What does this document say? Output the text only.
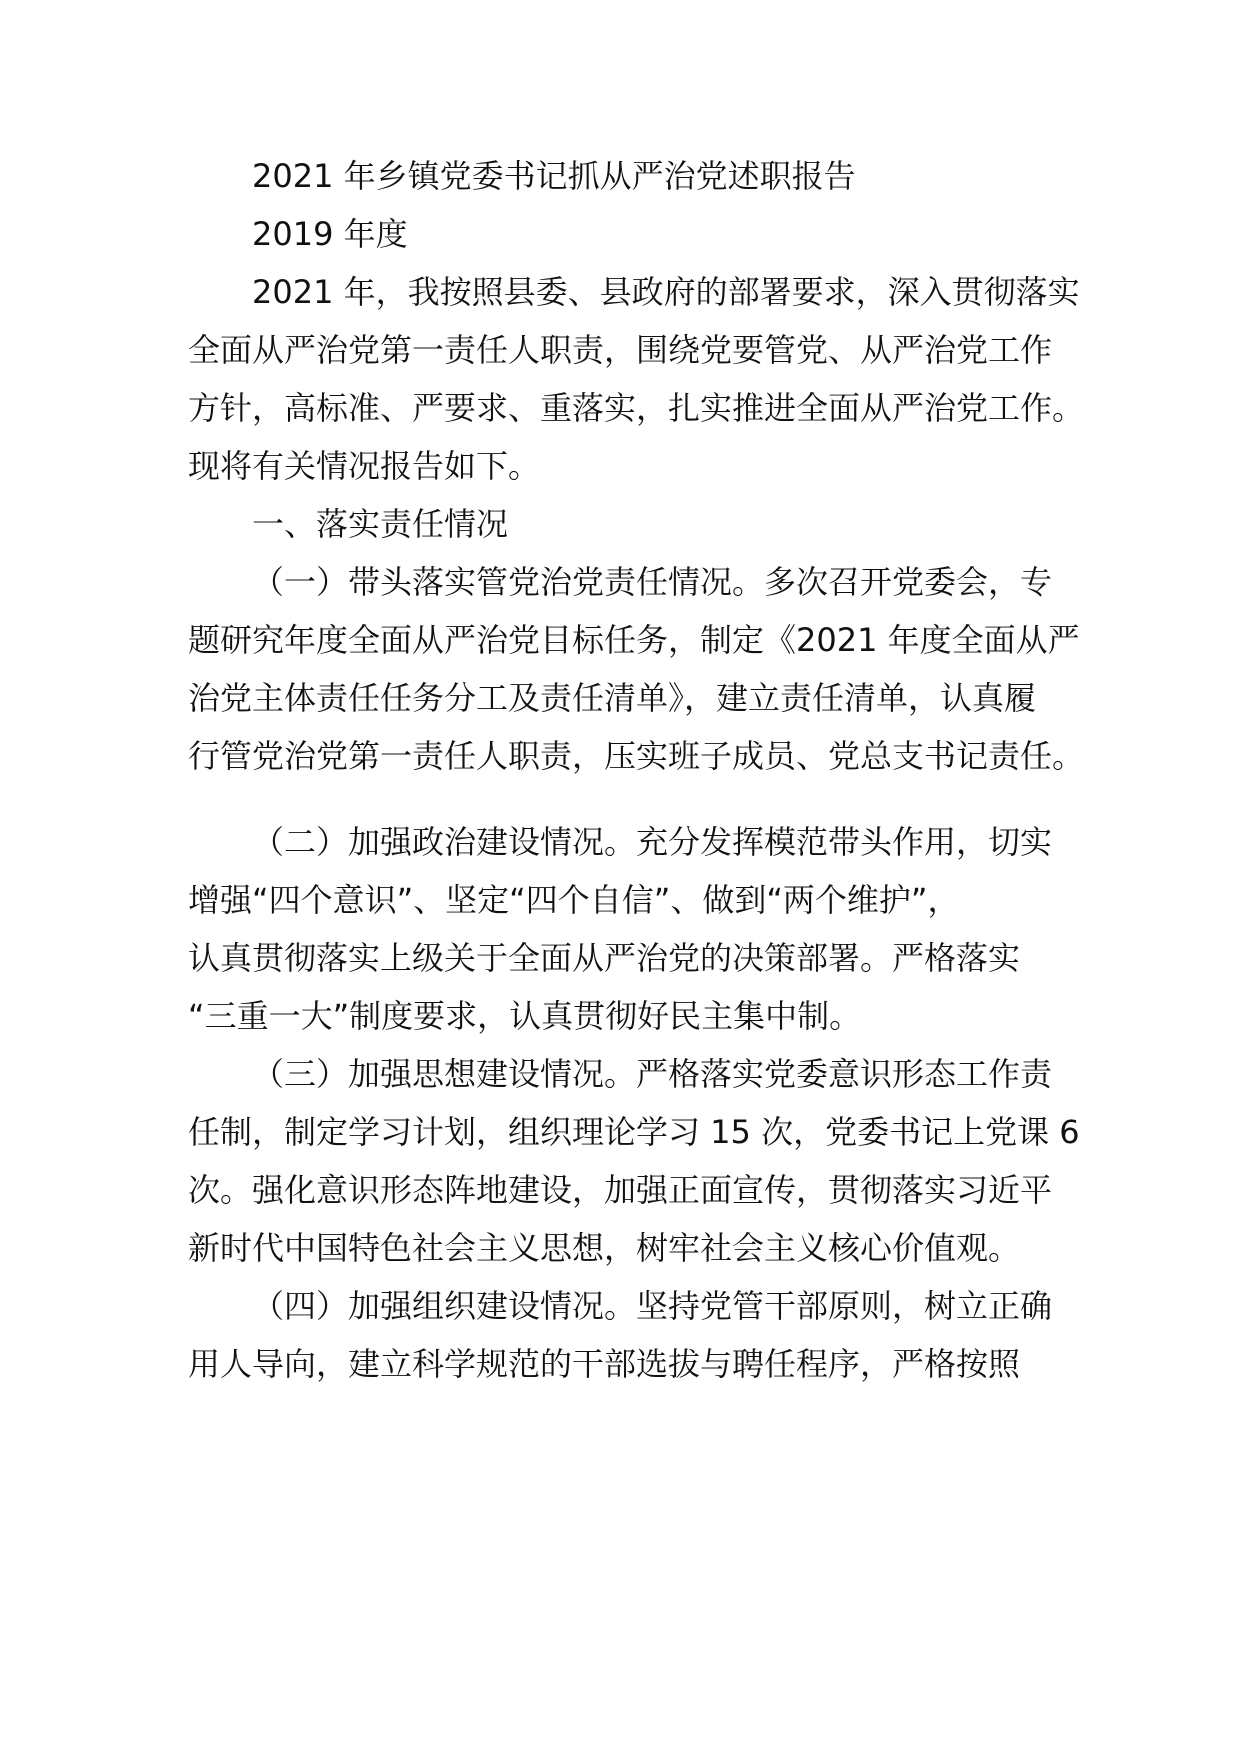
2021 年乡镇党委书记抓从严治党述职报告

2019 年度

2021 年，我按照县委、县政府的部署要求，深入贯彻落实

全面从严治党第一责任人职责，围绕党要管党、从严治党工作

方针，高标准、严要求、重落实，扎实推进全面从严治党工作。

现将有关情况报告如下。

一、落实责任情况

（一）带头落实管党治党责任情况。多次召开党委会，专

题研究年度全面从严治党目标任务，制定《2021 年度全面从严

治党主体责任任务分工及责任清单》，建立责任清单，认真履

行管党治党第一责任人职责，压实班子成员、党总支书记责任。

（二）加强政治建设情况。充分发挥模范带头作用，切实

增强“四个意识”、坚定“四个自信”、做到“两个维护”，

认真贯彻落实上级关于全面从严治党的决策部署。严格落实

“三重一大”制度要求，认真贯彻好民主集中制。

（三）加强思想建设情况。严格落实党委意识形态工作责

任制，制定学习计划，组织理论学习 15 次，党委书记上党课 6

次。强化意识形态阵地建设，加强正面宣传，贯彻落实习近平

新时代中国特色社会主义思想，树牢社会主义核心价值观。

（四）加强组织建设情况。坚持党管干部原则，树立正确

用人导向，建立科学规范的干部选拔与聘任程序，严格按照
